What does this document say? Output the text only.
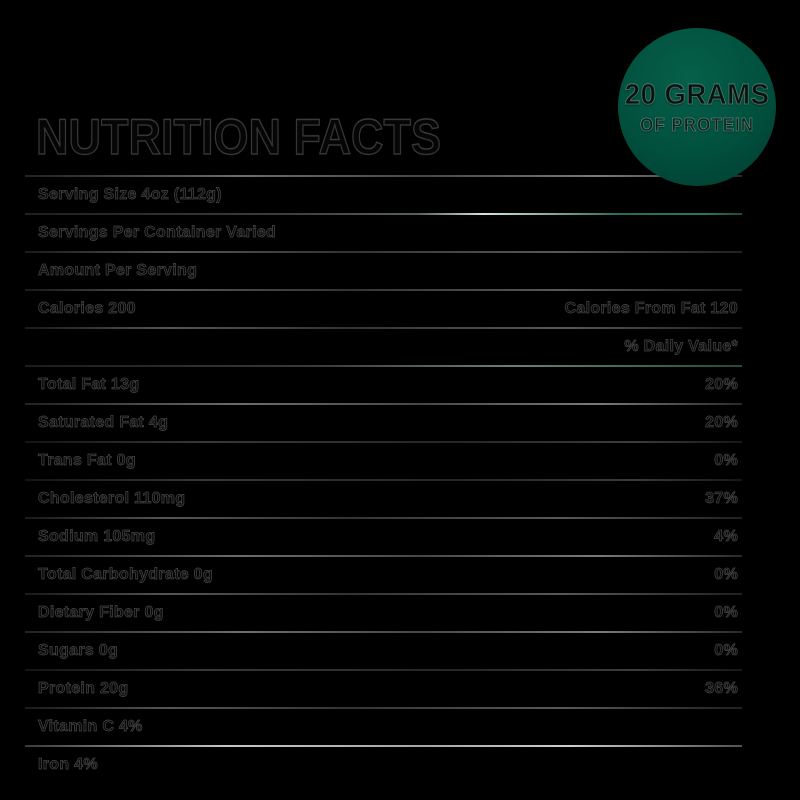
NUTRITION FACTS
Serving Size 4oz (112g)
Servings Per Container Varied
Amount Per Serving
Calories 200	Calories From Fat 120
% Daily Value*
Total Fat 13g	20%
Saturated Fat 4g	20%
Trans Fat 0g	0%
Cholesterol 110mg	37%
Sodium 105mg	4%
Total Carbohydrate 0g	0%
Dietary Fiber 0g	0%
Sugars 0g	0%
Protein 20g	36%
Vitamin C 4%
Iron 4%
20 GRAMS
OF PROTEIN
